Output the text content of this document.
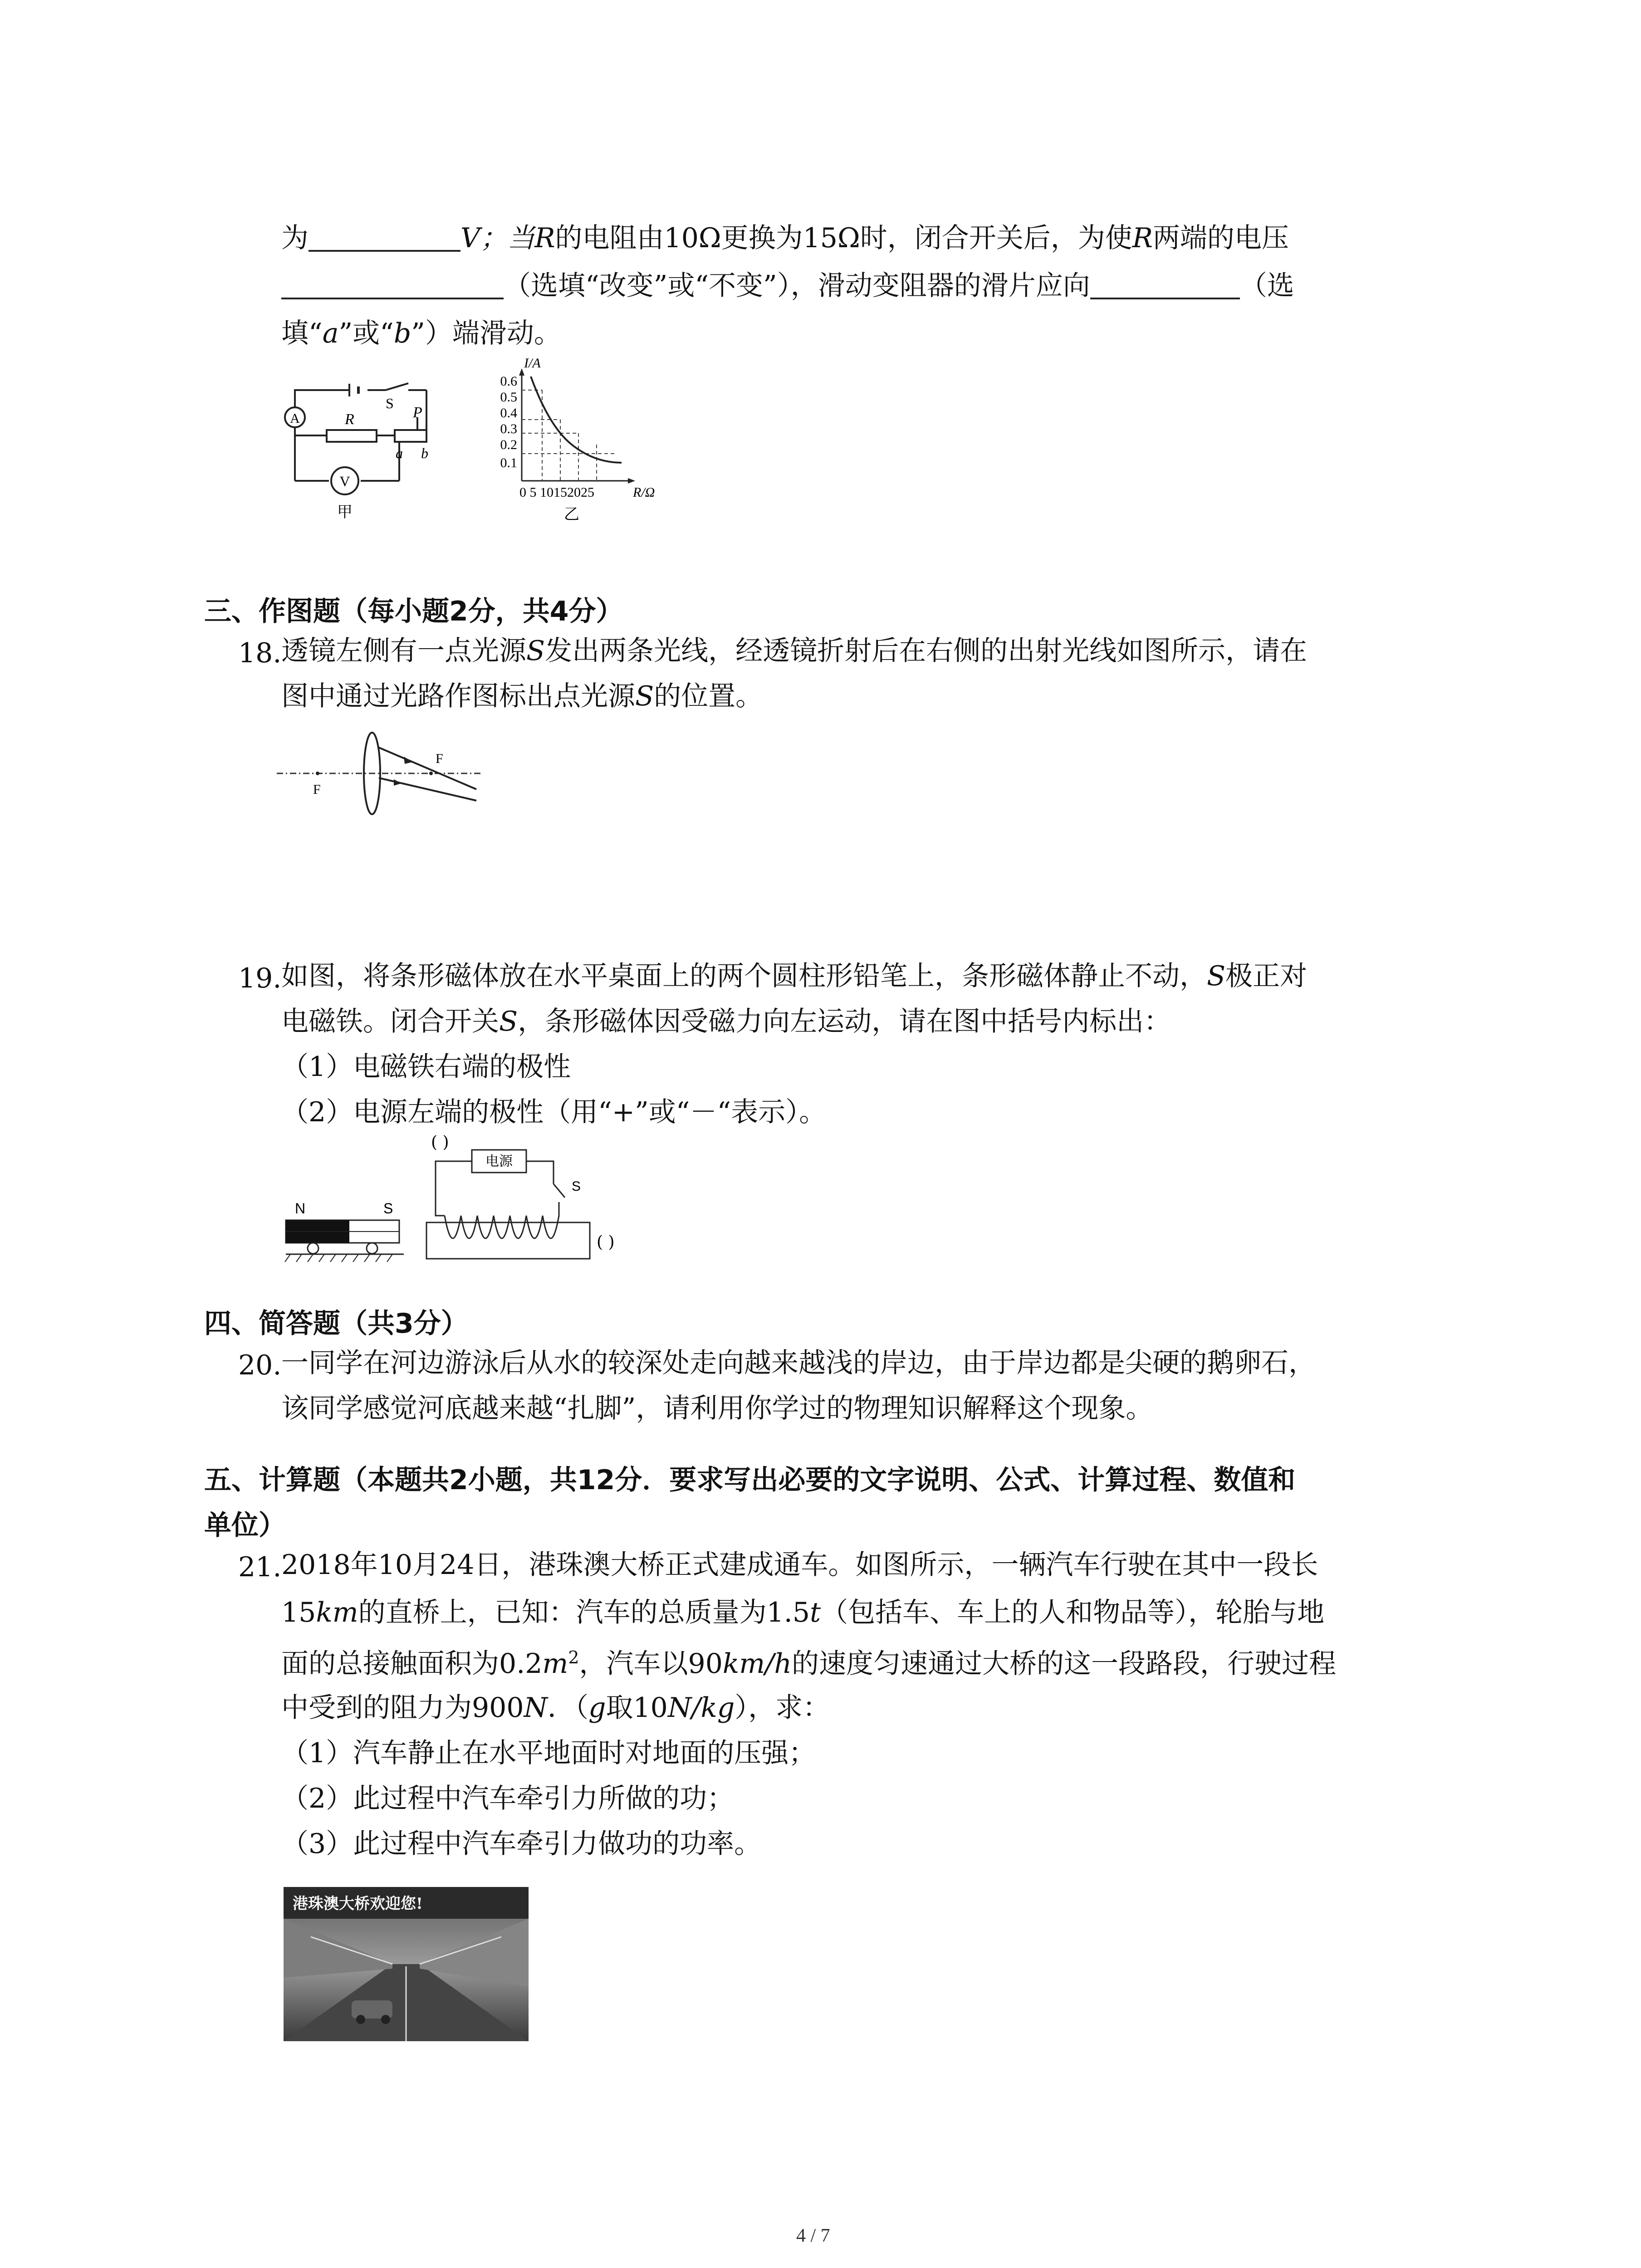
为	V；当R的电阻由10Ω更换为15Ω时，闭合开关后，为使R两端的电压
（选填“改变”或“不变”），滑动变阻器的滑片应向	（选
填“a”或“b”）端滑动。
A
V
S
R	P
a b
甲
I/A
0.6
0.5
0.4
0.3
0.2
0.1
0 5 10152025	R/Ω
乙
三、作图题（每小题2分，共4分）
18. 透镜左侧有一点光源S发出两条光线，经透镜折射后在右侧的出射光线如图所示，请在
图中通过光路作图标出点光源S的位置。
F
F
19. 如图，将条形磁体放在水平桌面上的两个圆柱形铅笔上，条形磁体静止不动，S极正对
电磁铁。闭合开关S，条形磁体因受磁力向左运动，请在图中括号内标出：
（1）电磁铁右端的极性
（2）电源左端的极性（用“+”或“－“表示）。
N	S
电源
S
( )
( )
四、简答题（共3分）
20. 一同学在河边游泳后从水的较深处走向越来越浅的岸边，由于岸边都是尖硬的鹅卵石，
该同学感觉河底越来越“扎脚”，请利用你学过的物理知识解释这个现象。
五、计算题（本题共2小题，共12分．要求写出必要的文字说明、公式、计算过程、数值和
单位）
21. 2018年10月24日，港珠澳大桥正式建成通车。如图所示，一辆汽车行驶在其中一段长
15km的直桥上，已知：汽车的总质量为1.5t（包括车、车上的人和物品等），轮胎与地
面的总接触面积为$0.2m^2$，汽车以90km/h的速度匀速通过大桥的这一段路段，行驶过程
中受到的阻力为900N．（g取10N/kg），求：
（1）汽车静止在水平地面时对地面的压强；
（2）此过程中汽车牵引力所做的功；
（3）此过程中汽车牵引力做功的功率。
港珠澳大桥欢迎您!
4 / 7
